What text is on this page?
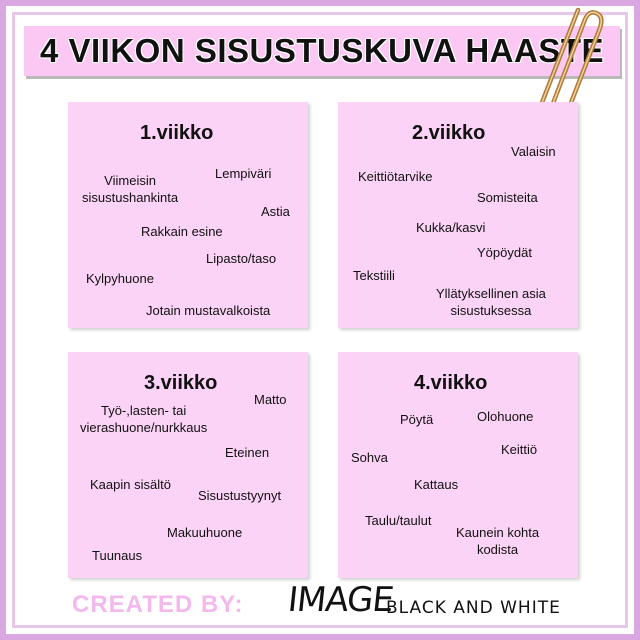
4 VIIKON SISUSTUSKUVA HAASTE
1.viikko
Viimeisin
sisustushankinta
Lempiväri
Astia
Rakkain esine
Lipasto/taso
Kylpyhuone
Jotain mustavalkoista
2.viikko
Valaisin
Keittiötarvike
Somisteita
Kukka/kasvi
Yöpöydät
Tekstiili
Yllätyksellinen asia
sisustuksessa
3.viikko
Matto
Työ-,lasten- tai
vierashuone/nurkkaus
Eteinen
Kaapin sisältö
Sisustustyynyt
Makuuhuone
Tuunaus
4.viikko
Pöytä	Olohuone
Keittiö
Sohva
Kattaus
Taulu/taulut
Kaunein kohta
kodista
CREATED BY: IMAGE
BLACK AND WHITE
